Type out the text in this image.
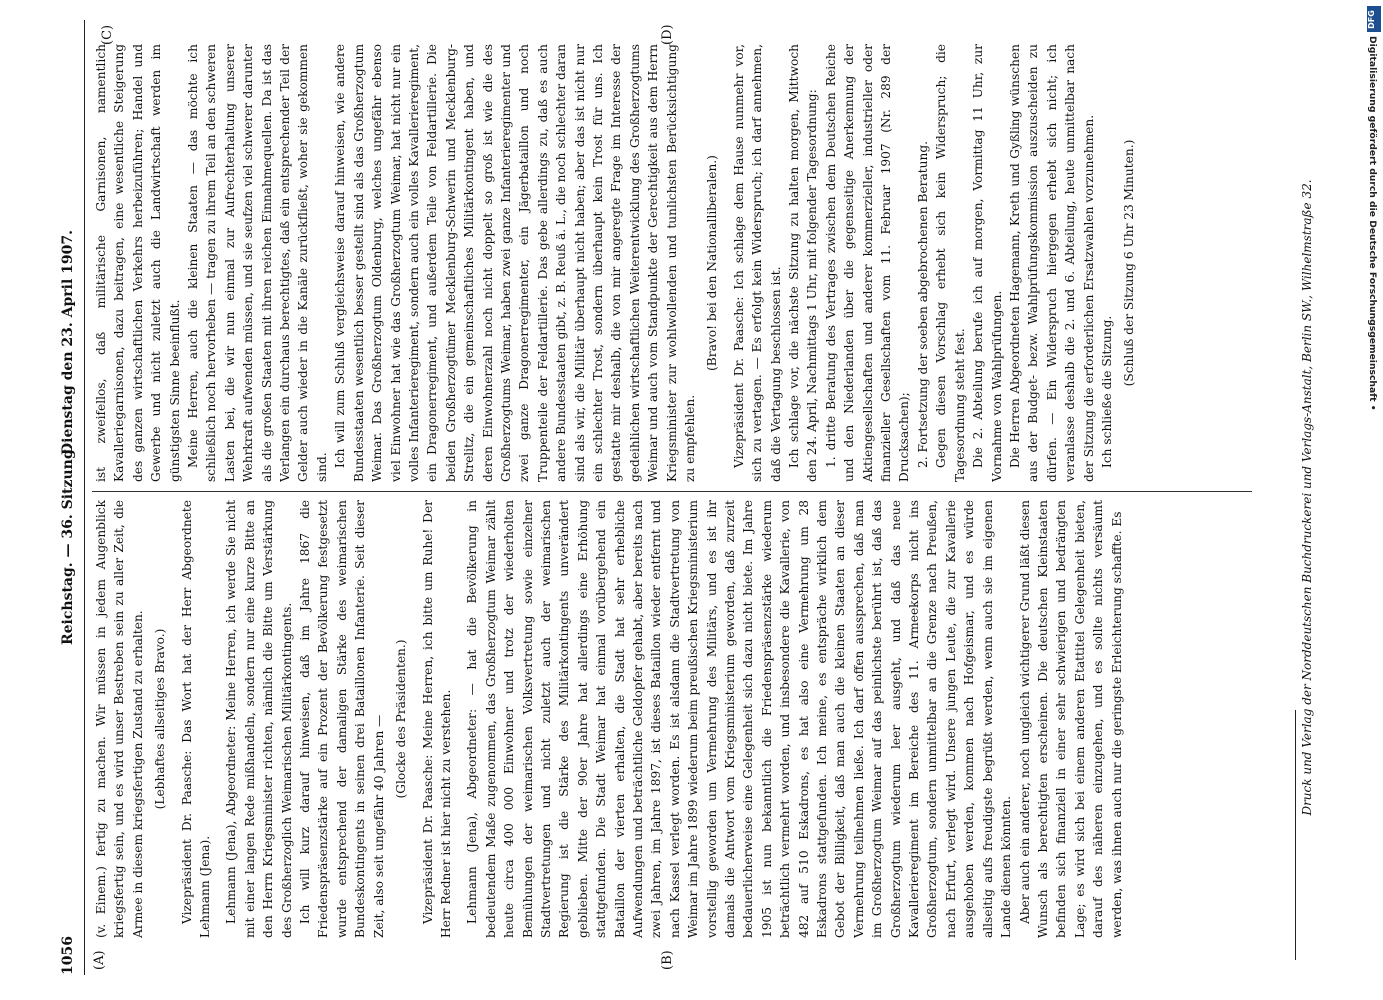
1056
Reichstag. — 36. Sitzung.
Dienstag den 23. April 1907.
(A)	(B)
(C)	(D)

(v. Einem.) fertig zu machen. Wir müssen in jedem Augenblick kriegsfertig sein, und es wird unser Bestreben sein zu aller Zeit, die Armee in diesem kriegsfertigen Zustand zu erhalten. (Lebhaftes allseitiges Bravo.) Vizepräsident Dr. Paasche: Das Wort hat der Herr Abgeordnete Lehmann (Jena). Lehmann (Jena), Abgeordneter: Meine Herren, ich werde Sie nicht mit einer langen Rede mißhandeln, sondern nur eine kurze Bitte an den Herrn Kriegsminister richten, nämlich die Bitte um Verstärkung des Großherzoglich Weimarischen Militärkontingents. Ich will kurz darauf hinweisen, daß im Jahre 1867 die Friedenspräsenzstärke auf ein Prozent der Bevölkerung festgesetzt wurde entsprechend der damaligen Stärke des weimarischen Bundeskontingents in seinen drei Bataillonen Infanterie. Seit dieser Zeit, also seit ungefähr 40 Jahren — (Glocke des Präsidenten.) Vizepräsident Dr. Paasche: Meine Herren, ich bitte um Ruhe! Der Herr Redner ist hier nicht zu verstehen. Lehmann (Jena), Abgeordneter: — hat die Bevölkerung in bedeutendem Maße zugenommen, das Großherzogtum Weimar zählt heute circa 400 000 Einwohner und trotz der wiederholten Bemühungen der weimarischen Volksvertretung sowie einzelner Stadtvertretungen und nicht zuletzt auch der weimarischen Regierung ist die Stärke des Militärkontingents unverändert geblieben. Mitte der 90er Jahre hat allerdings eine Erhöhung stattgefunden. Die Stadt Weimar hat einmal vorübergehend ein Bataillon der vierten erhalten, die Stadt hat sehr erhebliche Aufwendungen und beträchtliche Geldopfer gehabt, aber bereits nach zwei Jahren, im Jahre 1897, ist dieses Bataillon wieder entfernt und nach Kassel verlegt worden. Es ist alsdann die Stadtvertretung von Weimar im Jahre 1899 wiederum beim preußischen Kriegsministerium vorstellig geworden um Vermehrung des Militärs, und es ist ihr damals die Antwort vom Kriegsministerium geworden, daß zurzeit bedauerlicherweise eine Gelegenheit sich dazu nicht biete. Im Jahre 1905 ist nun bekanntlich die Friedenspräsenzstärke wiederum beträchtlich vermehrt worden, und insbesondere die Kavallerie, von 482 auf 510 Eskadrons, es hat also eine Vermehrung um 28 Eskadrons stattgefunden. Ich meine, es entspräche wirklich dem Gebot der Billigkeit, daß man auch die kleinen Staaten an dieser Vermehrung teilnehmen ließe. Ich darf offen aussprechen, daß man im Großherzogtum Weimar auf das peinlichste berührt ist, daß das Großherzogtum wiederum leer ausgeht, und daß das neue Kavallerieregiment im Bereiche des 11. Armeekorps nicht ins Großherzogtum, sondern unmittelbar an die Grenze nach Preußen, nach Erfurt, verlegt wird. Unsere jungen Leute, die zur Kavallerie ausgehoben werden, kommen nach Hofgeismar, und es würde allseitig aufs freudigste begrüßt werden, wenn auch sie im eigenen Lande dienen könnten. Aber auch ein anderer, noch ungleich wichtigerer Grund läßt diesen Wunsch als berechtigten erscheinen. Die deutschen Kleinstaaten befinden sich finanziell in einer sehr schwierigen und bedrängten Lage; es wird sich bei einem anderen Etattitel Gelegenheit bieten, darauf des näheren einzugehen, und es sollte nichts versäumt werden, was ihnen auch nur die geringste Erleichterung schaffte. Es

ist zweifellos, daß militärische Garnisonen, namentlich Kavalleriegarnisonen, dazu beitragen, eine wesentliche Steigerung des ganzen wirtschaftlichen Verkehrs herbeizuführen; Handel und Gewerbe und nicht zuletzt auch die Landwirtschaft werden im günstigsten Sinne beeinflußt. Meine Herren, auch die kleinen Staaten — das möchte ich schließlich noch hervorheben — tragen zu ihrem Teil an den schweren Lasten bei, die wir nun einmal zur Aufrechterhaltung unserer Wehrkraft aufwenden müssen, und sie seufzen viel schwerer darunter als die großen Staaten mit ihren reichen Einnahmequellen. Da ist das Verlangen ein durchaus berechtigtes, daß ein entsprechender Teil der Gelder auch wieder in die Kanäle zurückfließt, woher sie gekommen sind. Ich will zum Schluß vergleichsweise darauf hinweisen, wie andere Bundesstaaten wesentlich besser gestellt sind als das Großherzogtum Weimar. Das Großherzogtum Oldenburg, welches ungefähr ebenso viel Einwohner hat wie das Großherzogtum Weimar, hat nicht nur ein volles Infanterieregiment, sondern auch ein volles Kavallerieregiment, ein Dragonerregiment, und außerdem Teile von Feldartillerie. Die beiden Großherzogtümer Mecklenburg-Schwerin und Mecklenburg-Strelitz, die ein gemeinschaftliches Militärkontingent haben, und deren Einwohnerzahl noch nicht doppelt so groß ist wie die des Großherzogtums Weimar, haben zwei ganze Infanterieregimenter und zwei ganze Dragonerregimenter, ein Jägerbataillon und noch Truppenteile der Feldartillerie. Das gebe allerdings zu, daß es auch andere Bundesstaaten gibt, z. B. Reuß ä. L., die noch schlechter daran sind als wir, die Militär überhaupt nicht haben; aber das ist nicht nur ein schlechter Trost, sondern überhaupt kein Trost für uns. Ich gestatte mir deshalb, die von mir angeregte Frage im Interesse der gedeihlichen wirtschaftlichen Weiterentwicklung des Großherzogtums Weimar und auch vom Standpunkte der Gerechtigkeit aus dem Herrn Kriegsminister zur wohlwollenden und tunlichsten Berücksichtigung zu empfehlen.

(Bravo! bei den Nationalliberalen.) Vizepräsident Dr. Paasche: Ich schlage dem Hause nunmehr vor, sich zu vertagen. — Es erfolgt kein Widerspruch; ich darf annehmen, daß die Vertagung beschlossen ist. Ich schlage vor, die nächste Sitzung zu halten morgen, Mittwoch den 24. April, Nachmittags 1 Uhr, mit folgender Tagesordnung: 1. dritte Beratung des Vertrages zwischen dem Deutschen Reiche und den Niederlanden über die gegenseitige Anerkennung der Aktiengesellschaften und anderer kommerzieller, industrieller oder finanzieller Gesellschaften vom 11. Februar 1907 (Nr. 289 der Drucksachen); 2. Fortsetzung der soeben abgebrochenen Beratung. Gegen diesen Vorschlag erhebt sich kein Widerspruch; die Tagesordnung steht fest. Die 2. Abteilung berufe ich auf morgen, Vormittag 11 Uhr, zur Vornahme von Wahlprüfungen. Die Herren Abgeordneten Hagemann, Kreth und Gyßling wünschen aus der Budget- bezw. Wahlprüfungskommission auszuscheiden zu dürfen. — Ein Widerspruch hiergegen erhebt sich nicht; ich veranlasse deshalb die 2. und 6. Abteilung, heute unmittelbar nach der Sitzung die erforderlichen Ersatzwahlen vorzunehmen. Ich schließe die Sitzung.

(Schluß der Sitzung 6 Uhr 23 Minuten.)	Druck und Verlag der Norddeutschen Buchdruckerei und Verlags-Anstalt, Berlin SW., Wilhelmstraße 32.	Digitalisierung gefördert durch die Deutsche Forschungsgemeinschaft •
DFG
